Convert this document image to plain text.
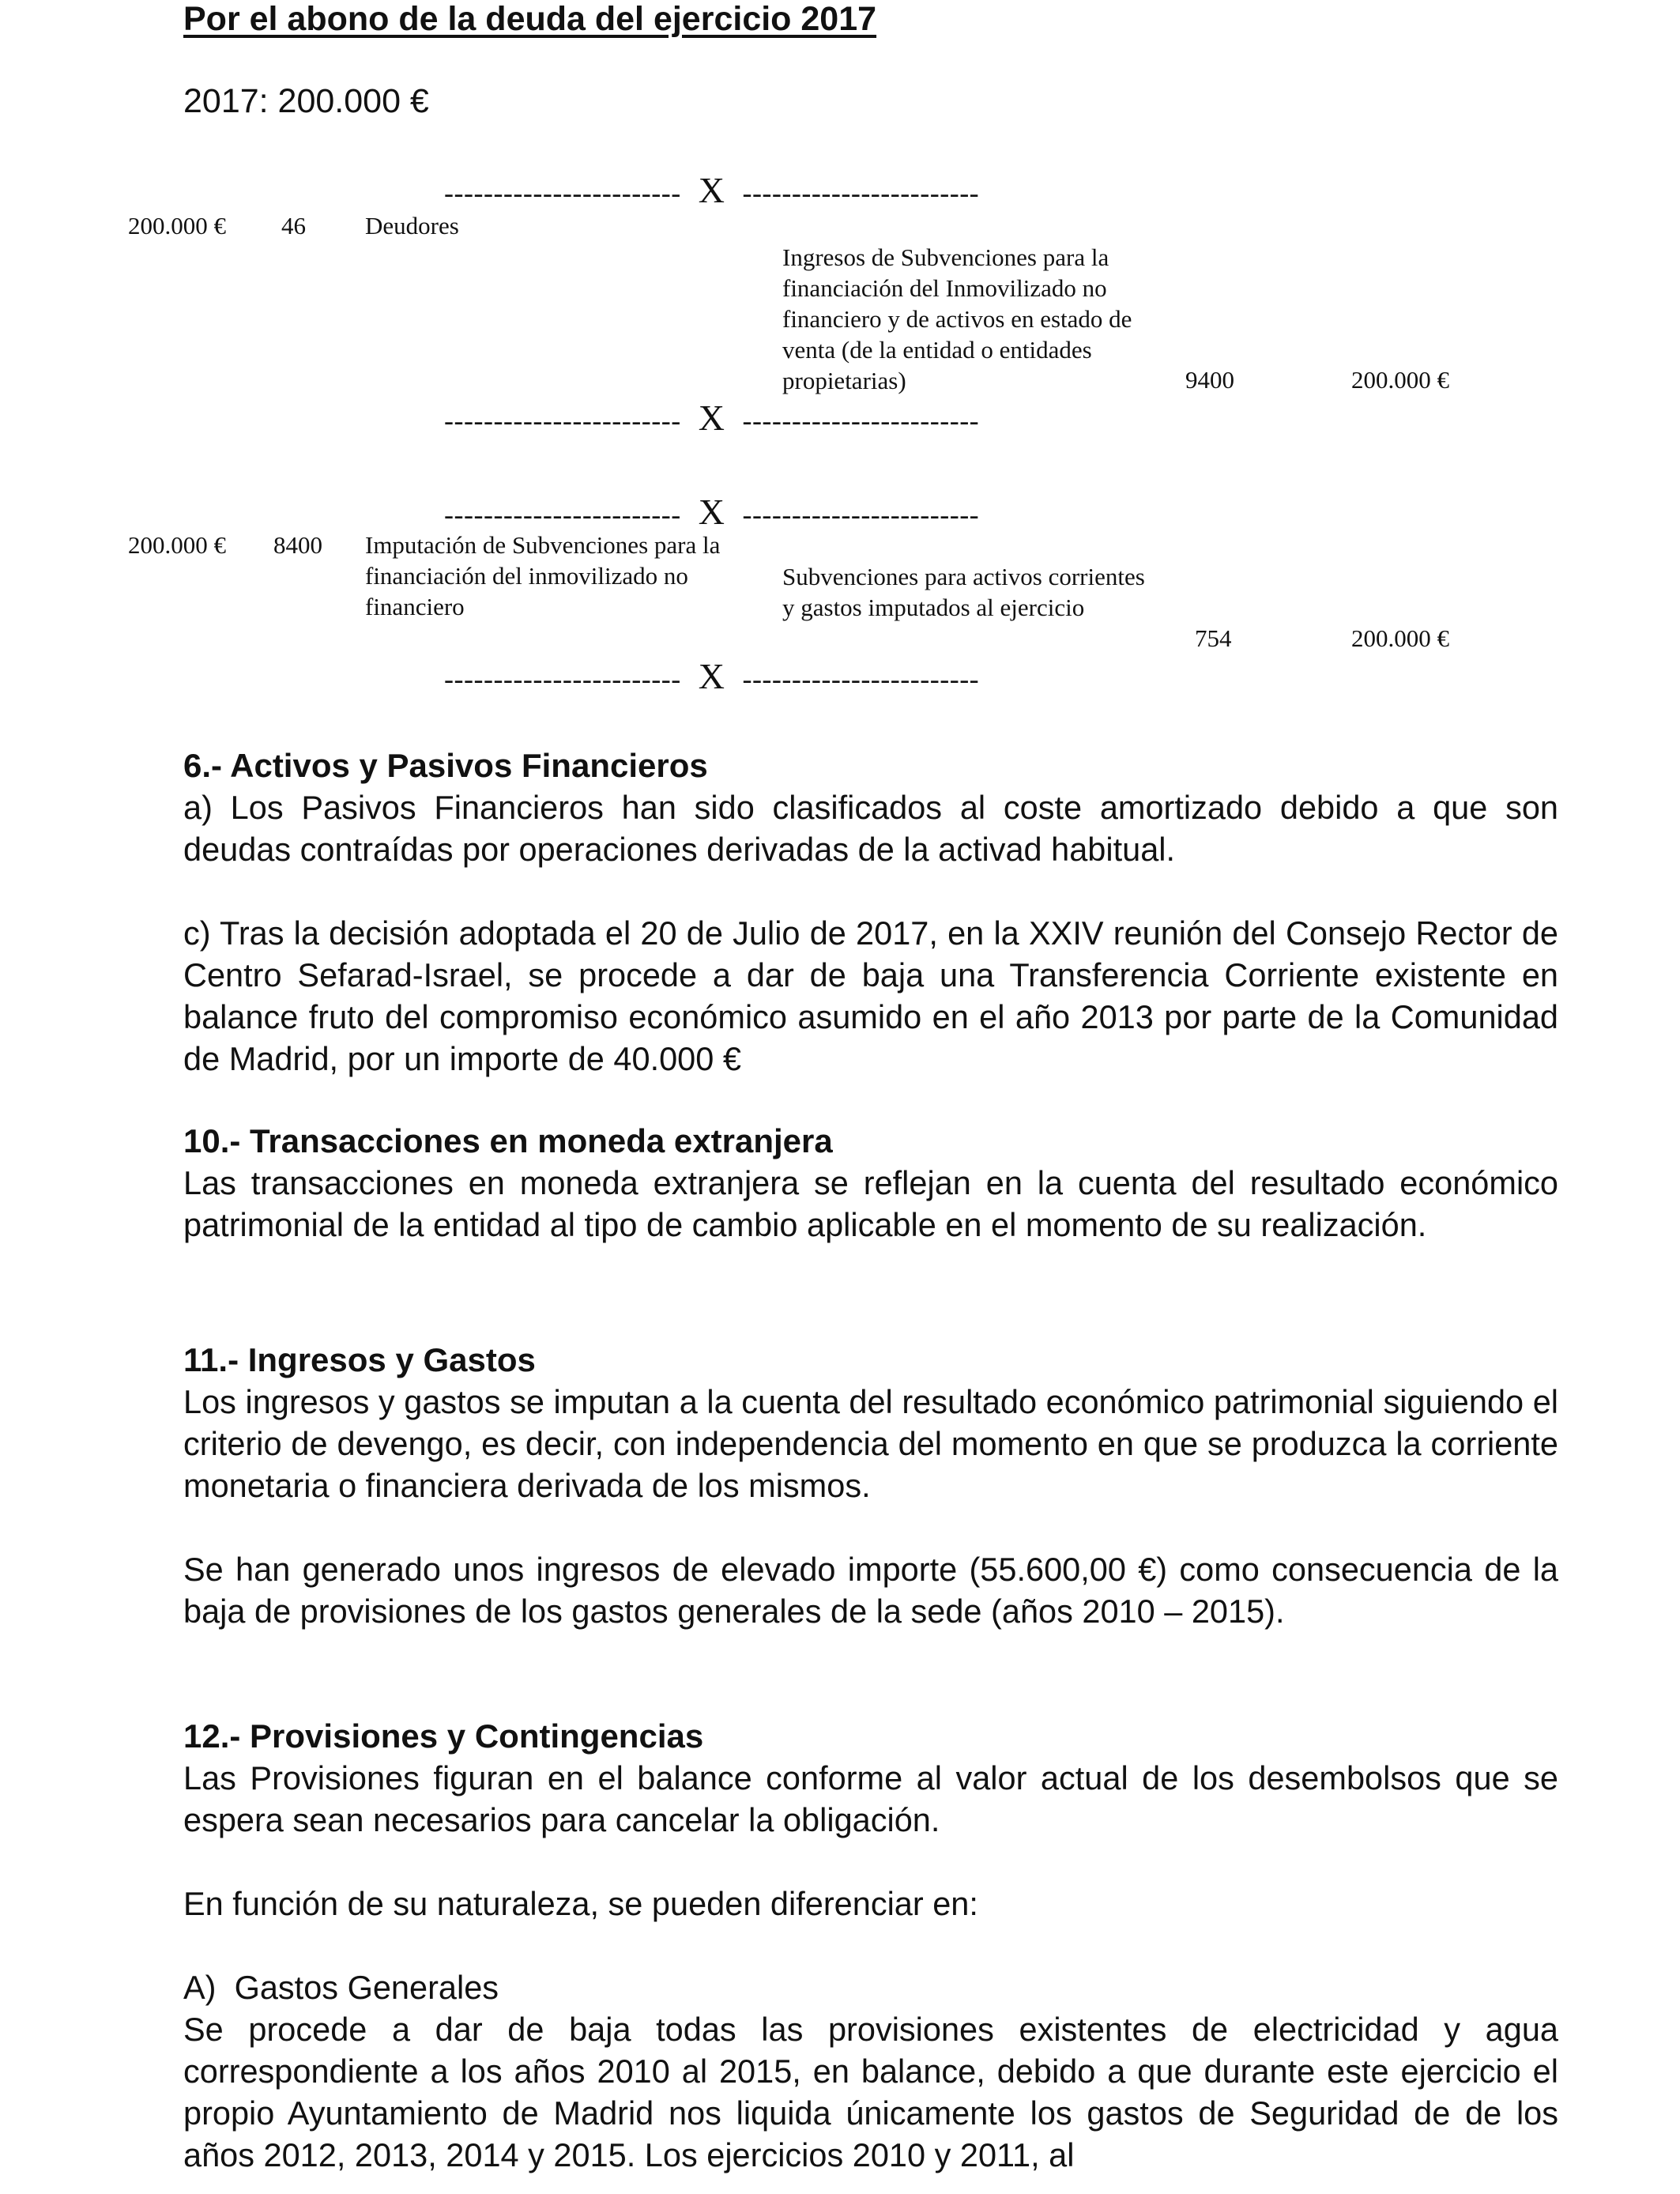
Por el abono de la deuda del ejercicio 2017
2017: 200.000 €
------------------------ X ------------------------
200.000 € 46 Deudores
Ingresos de Subvenciones para la financiación del Inmovilizado no financiero y de activos en estado de venta (de la entidad o entidades propietarias)	9400	200.000 €
------------------------ X ------------------------
------------------------ X ------------------------
200.000 € 8400 Imputación de Subvenciones para la financiación del inmovilizado no financiero
Subvenciones para activos corrientes y gastos imputados al ejercicio
754	200.000 €
------------------------ X ------------------------
6.- Activos y Pasivos Financieros

a) Los Pasivos Financieros han sido clasificados al coste amortizado debido a que son deudas contraídas por operaciones derivadas de la activad habitual.

c) Tras la decisión adoptada el 20 de Julio de 2017, en la XXIV reunión del Consejo Rector de Centro Sefarad-Israel, se procede a dar de baja una Transferencia Corriente existente en balance fruto del compromiso económico asumido en el año 2013 por parte de la Comunidad de Madrid, por un importe de 40.000 €

10.- Transacciones en moneda extranjera

Las transacciones en moneda extranjera se reflejan en la cuenta del resultado económico patrimonial de la entidad al tipo de cambio aplicable en el momento de su realización.

11.- Ingresos y Gastos

Los ingresos y gastos se imputan a la cuenta del resultado económico patrimonial siguiendo el criterio de devengo, es decir, con independencia del momento en que se produzca la corriente monetaria o financiera derivada de los mismos.

Se han generado unos ingresos de elevado importe (55.600,00 €) como consecuencia de la baja de provisiones de los gastos generales de la sede (años 2010 – 2015).

12.- Provisiones y Contingencias

Las Provisiones figuran en el balance conforme al valor actual de los desembolsos que se espera sean necesarios para cancelar la obligación.

En función de su naturaleza, se pueden diferenciar en:

A) Gastos Generales

Se procede a dar de baja todas las provisiones existentes de electricidad y agua correspondiente a los años 2010 al 2015, en balance, debido a que durante este ejercicio el propio Ayuntamiento de Madrid nos liquida únicamente los gastos de Seguridad de de los años 2012, 2013, 2014 y 2015. Los ejercicios 2010 y 2011, al
